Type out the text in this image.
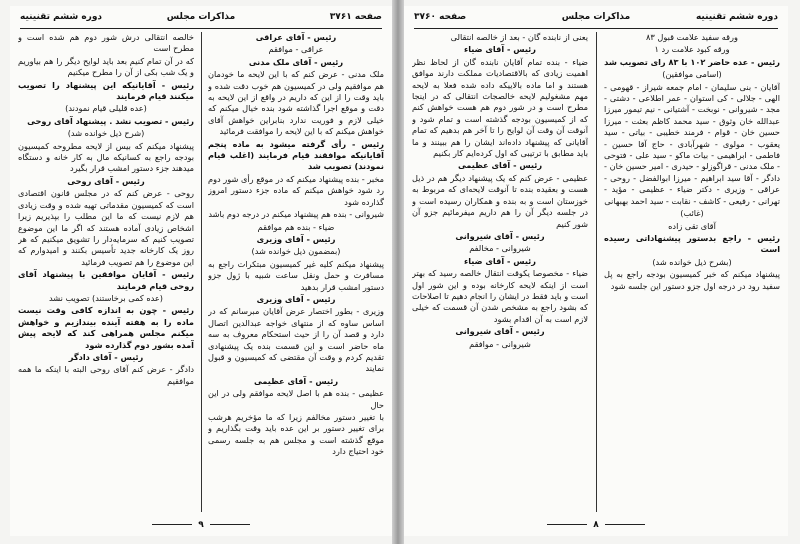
صفحه ۳۷۶۱
مذاکرات مجلس
دوره ششم تقنینیه

رئیس - آقای عراقی

عراقی - موافقم

رئیس - آقای ملک مدنی

ملک مدنی - عرض کنم که با این لایحه ما خودمان هم موافقیم ولی در کمیسیون هم خوب دقت شده و باید وقت را از این که داریم در واقع از این لایحه به دقت و موقع اجرا گذاشته شود بنده خیال میکنم که خیلی لازم و فوریت ندارد بنابراین خواهش آقای خواهش میکنم که با این لایحه را موافقت فرمائید

رئیس - رأی گرفته میشود به ماده پنجم آقایانیکه موافقند قیام فرمایند (اغلب قیام نمودند) تصویب شد

مخبر - بنده پیشنهاد میکنم که در موقع رأی شور دوم رد شود خواهش میکنم که ماده جزء دستور امروز گذارده شود

شیروانی - بنده هم پیشنهاد میکنم در درجه دوم باشد

ضیاء - بنده هم موافقم

رئیس - آقای وزیری

(بمضمون ذیل خوانده شد)

پیشنهاد میکنم کلیه غیر کمیسیون مبتکرات راجع به مسافرت و حمل ونقل ساعت شبیه با ژول جزو دستور امشب قرار بدهید

رئیس - آقای وزیری

وزیری - بطور اختصار عرض آقایان مبرسانم که در اساس ساوه که از منتهای خواجه عبدالدین اتصال دارد و قصد آن را از حیث استحکام معروف به سه ماه حاضر است و این قسمت بنده یک پیشنهادی تقدیم کردم و وقت آن مقتضی که کمیسیون و قبول نمایند

رئیس - آقای عظیمی

عظیمی - بنده هم با اصل لایحه موافقم ولی در این حال

با تغییر دستور مخالفم زیرا که ما مؤخریم هرشب برای تغییر دستور بر این عده باید وقت بگذاریم و موقع گذشته است و مجلس هم به جلسه رسمی خود احتیاج دارد

خالصه انتقالی درش شور دوم هم شده است و مطرح است

که در آن تمام کنیم بعد باید لوایح دیگر را هم بیاوریم و یک شب بکی از آن را مطرح میکنیم

رئیس - آقایانیکه این پیشنهاد را تصویب میکنند قیام فرمایند

(عده قلیلی قیام نمودند)

رئیس - تصویب نشد . پیشنهاد آقای روحی

(شرح ذیل خوانده شد)

پیشنهاد میکنم که بیس از لایحه مطروحه کمیسیون بودجه راجع به کسانیکه مال به کار خانه و دستگاه میدهند جزء دستور امشب قرار بگیرد

رئیس - آقای روحی

روحی - عرض کنم که در مجلس قانون اقتصادی است که کمیسیون مقدماتی تهیه شده و وقت زیادی هم لازم نیست که ما این مطلب را بپذیریم زیرا اشخاص زیادی آماده هستند که اگر ما این موضوع تصویب کنیم که سرمایه‌دار را تشویق میکنیم که هر روز یک کارخانه جدید تأسیس بکنند و امیدوارم که این موضوع را هم تصویب فرمائید

رئیس - آقایان موافقین با پیشنهاد آقای روحی قیام فرمایند

(عده کمی برخاستند) تصویب نشد

رئیس - چون به اندازه کافی وقت نیست ماده را به هفته آینده بیندازیم و خواهش میکنم مجلس همراهی کند که لایحه پیش آمده بشور دوم گذارده شود

رئیس - آقای دادگر

دادگر - عرض کنم آقای روحی البته با اینکه ما همه موافقیم

۹
دوره ششم تقنینیه
مذاکرات مجلس
صفحه ۳۷۶۰

ورقه سفید علامت قبول ۸۳

ورقه کبود علامت رد ۱

رئیس - عده حاضر ۱۰۲ با ۸۳ رای تصویب شد

(اسامی موافقین)

آقایان - بنی سلیمان - امام جمعه شیراز - قهومی - الهی - جلالی - کی استوان - عمر اطلاعی - دشتی - مجد - شیروانی - نوبخت - آشتیانی - نیم تیمور میرزا عبدالله خان وثوق - سید محمد کاظم بعثت - میرزا حسین خان - قوام - فرمند خطیبی - بیاتی - سید یعقوب - مولوی - شهرآبادی - حاج آقا حسین - فاطمی - ابراهیمی - بیات ماکو - سید علی - فتوحی - ملک مدنی - قراگوزلو - حیدری - امیر حسین خان - دادگر - آقا سید ابراهیم - میرزا ابوالفضل - روحی - عراقی - وزیری - دکتر ضیاء - عظیمی - مؤید - تهرانی - رفیعی - کاشف - نقابت - سید احمد بهبهانی

(غائب)

آقای تقی زاده

رئیس - راجع بدستور پیشنهاداتی رسیده است

(بشرح ذیل خوانده شد)

پیشنهاد میکنم که خبر کمیسیون بودجه راجع به پل سفید رود در درجه اول جزو دستور این جلسه شود

یعنی از نابنده گان - بعد از خالصه انتقالی

رئیس - آقای ضیاء

ضیاء - بنده تمام آقایان نابنده گان از لحاظ نظر اهمیت زیادی که بالاقتصادیات مملکت دارند موافق هستند و اما ماده بالاییکه داده شده فعلا به لایحه مهم مشغولیم لایحه خالصجات انتقالی که در اینجا مطرح است و در شور دوم هم هست خواهش کنم که از کمیسیون بودجه گذشته است و تمام شود و آنوقت آن وقت آن لوایح را تا آخر هم بدهیم که تمام آقایانی که پیشنهاد داده‌اند ایشان را هم ببینند و ما باید مطابق با ترتیبی که اول کرده‌ایم کار بکنیم

رئیس - آقای عظیمی

عظیمی - عرض کنم که یک پیشنهاد دیگر هم در ذیل هست و بعقیده بنده تا آنوقت لایحه‌ای که مربوط به خوزستان است و به بنده و همکاران رسیده است و در جلسه دیگر آن را هم داریم میفرمائیم جزو آن شور کنیم

رئیس - آقای شیروانی

شیروانی - مخالفم

رئیس - آقای ضیاء

ضیاء - مخصوصا یکوقت انتقال خالصه رسید که بهتر است از اینکه لایحه کارخانه بوده و این شور اول است و باید فقط در ایشان را انجام دهیم تا اصلاحات که بشود راجع به مشخص شدن آن قسمت که خیلی لازم است به آن اقدام بشود

رئیس - آقای شیروانی

شیروانی - موافقم

۸
